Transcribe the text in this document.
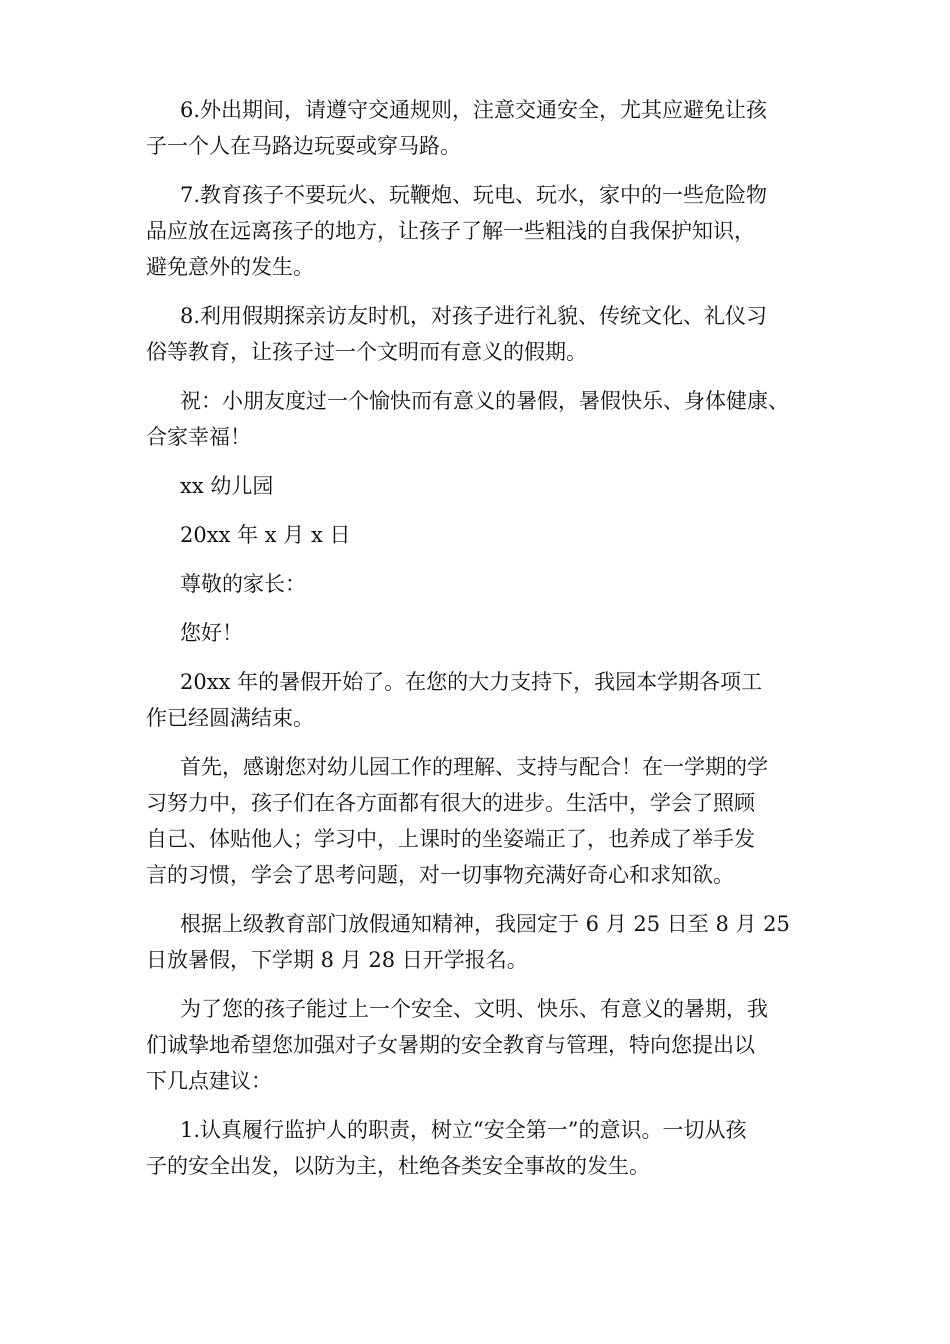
6.外出期间，请遵守交通规则，注意交通安全，尤其应避免让孩
子一个人在马路边玩耍或穿马路。

7.教育孩子不要玩火、玩鞭炮、玩电、玩水，家中的一些危险物
品应放在远离孩子的地方，让孩子了解一些粗浅的自我保护知识，
避免意外的发生。

8.利用假期探亲访友时机，对孩子进行礼貌、传统文化、礼仪习
俗等教育，让孩子过一个文明而有意义的假期。

祝：小朋友度过一个愉快而有意义的暑假，暑假快乐、身体健康、
合家幸福！

xx 幼儿园

20xx 年 x 月 x 日

尊敬的家长：

您好！

20xx 年的暑假开始了。在您的大力支持下，我园本学期各项工
作已经圆满结束。

首先，感谢您对幼儿园工作的理解、支持与配合！在一学期的学
习努力中，孩子们在各方面都有很大的进步。生活中，学会了照顾
自己、体贴他人；学习中，上课时的坐姿端正了，也养成了举手发
言的习惯，学会了思考问题，对一切事物充满好奇心和求知欲。

根据上级教育部门放假通知精神，我园定于 6 月 25 日至 8 月 25
日放暑假，下学期 8 月 28 日开学报名。

为了您的孩子能过上一个安全、文明、快乐、有意义的暑期，我
们诚挚地希望您加强对子女暑期的安全教育与管理，特向您提出以
下几点建议：

1.认真履行监护人的职责，树立“安全第一”的意识。一切从孩
子的安全出发，以防为主，杜绝各类安全事故的发生。
